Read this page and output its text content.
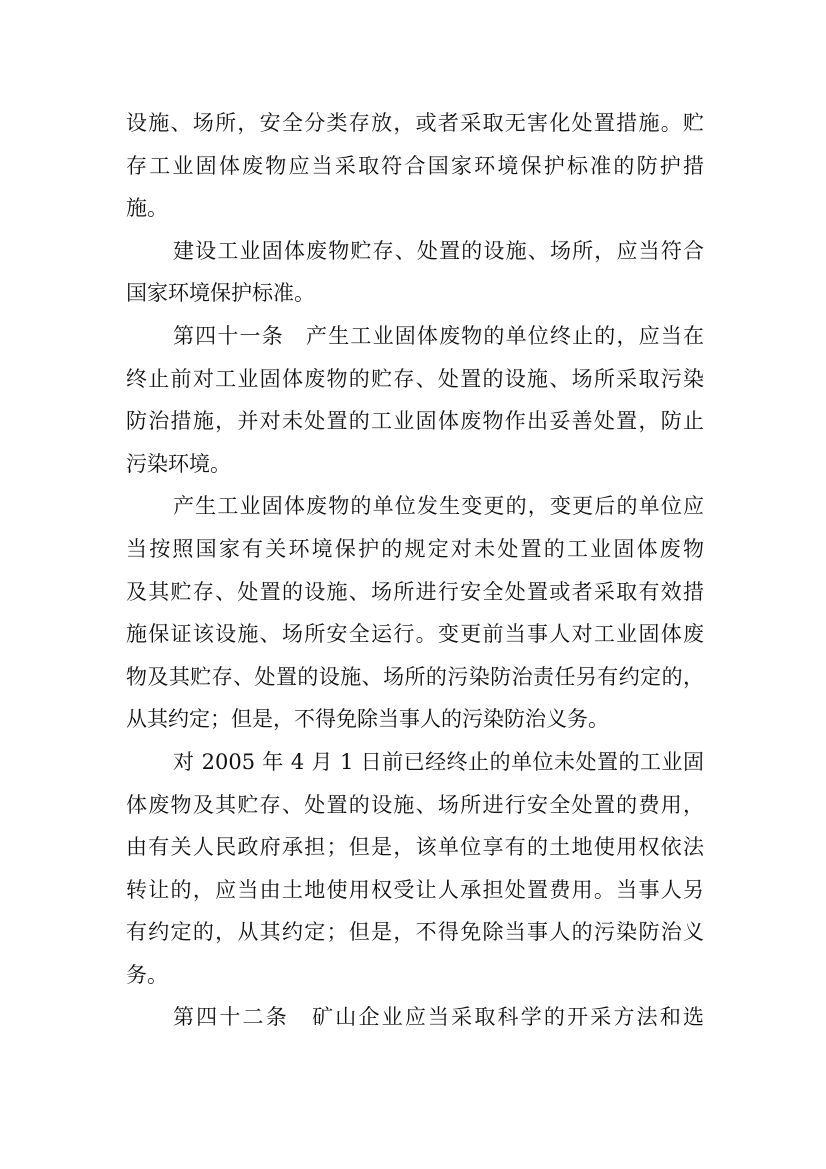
设施、场所，安全分类存放，或者采取无害化处置措施。贮
存工业固体废物应当采取符合国家环境保护标准的防护措
施。
建设工业固体废物贮存、处置的设施、场所，应当符合
国家环境保护标准。
第四十一条　产生工业固体废物的单位终止的，应当在
终止前对工业固体废物的贮存、处置的设施、场所采取污染
防治措施，并对未处置的工业固体废物作出妥善处置，防止
污染环境。
产生工业固体废物的单位发生变更的，变更后的单位应
当按照国家有关环境保护的规定对未处置的工业固体废物
及其贮存、处置的设施、场所进行安全处置或者采取有效措
施保证该设施、场所安全运行。变更前当事人对工业固体废
物及其贮存、处置的设施、场所的污染防治责任另有约定的，
从其约定；但是，不得免除当事人的污染防治义务。
对 2005 年 4 月 1 日前已经终止的单位未处置的工业固
体废物及其贮存、处置的设施、场所进行安全处置的费用，
由有关人民政府承担；但是，该单位享有的土地使用权依法
转让的，应当由土地使用权受让人承担处置费用。当事人另
有约定的，从其约定；但是，不得免除当事人的污染防治义
务。
第四十二条　矿山企业应当采取科学的开采方法和选
